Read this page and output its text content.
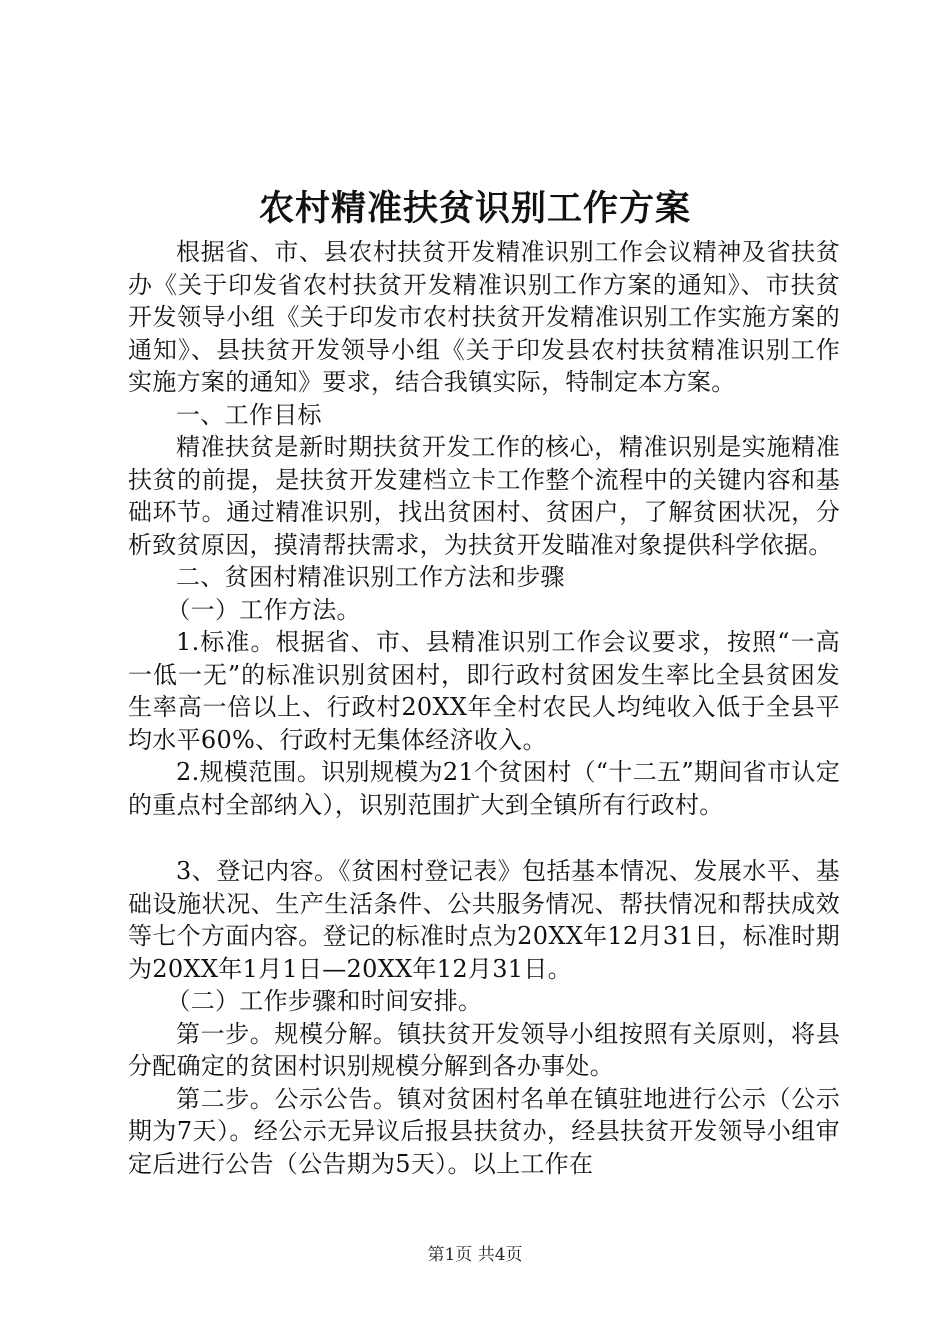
农村精准扶贫识别工作方案

根据省、市、县农村扶贫开发精准识别工作会议精神及省扶贫办《关于印发省农村扶贫开发精准识别工作方案的通知》、市扶贫开发领导小组《关于印发市农村扶贫开发精准识别工作实施方案的通知》、县扶贫开发领导小组《关于印发县农村扶贫精准识别工作实施方案的通知》要求，结合我镇实际，特制定本方案。

一、工作目标

精准扶贫是新时期扶贫开发工作的核心，精准识别是实施精准扶贫的前提，是扶贫开发建档立卡工作整个流程中的关键内容和基础环节。通过精准识别，找出贫困村、贫困户，了解贫困状况，分析致贫原因，摸清帮扶需求，为扶贫开发瞄准对象提供科学依据。

二、贫困村精准识别工作方法和步骤

（一）工作方法。

1.标准。根据省、市、县精准识别工作会议要求，按照“一高一低一无”的标准识别贫困村，即行政村贫困发生率比全县贫困发生率高一倍以上、行政村20XX年全村农民人均纯收入低于全县平均水平60%、行政村无集体经济收入。

2.规模范围。识别规模为21个贫困村（“十二五”期间省市认定的重点村全部纳入），识别范围扩大到全镇所有行政村。

3、登记内容。《贫困村登记表》包括基本情况、发展水平、基础设施状况、生产生活条件、公共服务情况、帮扶情况和帮扶成效等七个方面内容。登记的标准时点为20XX年12月31日，标准时期为20XX年1月1日—20XX年12月31日。

（二）工作步骤和时间安排。

第一步。规模分解。镇扶贫开发领导小组按照有关原则，将县分配确定的贫困村识别规模分解到各办事处。

第二步。公示公告。镇对贫困村名单在镇驻地进行公示（公示期为7天）。经公示无异议后报县扶贫办，经县扶贫开发领导小组审定后进行公告（公告期为5天）。以上工作在

第1页 共4页
